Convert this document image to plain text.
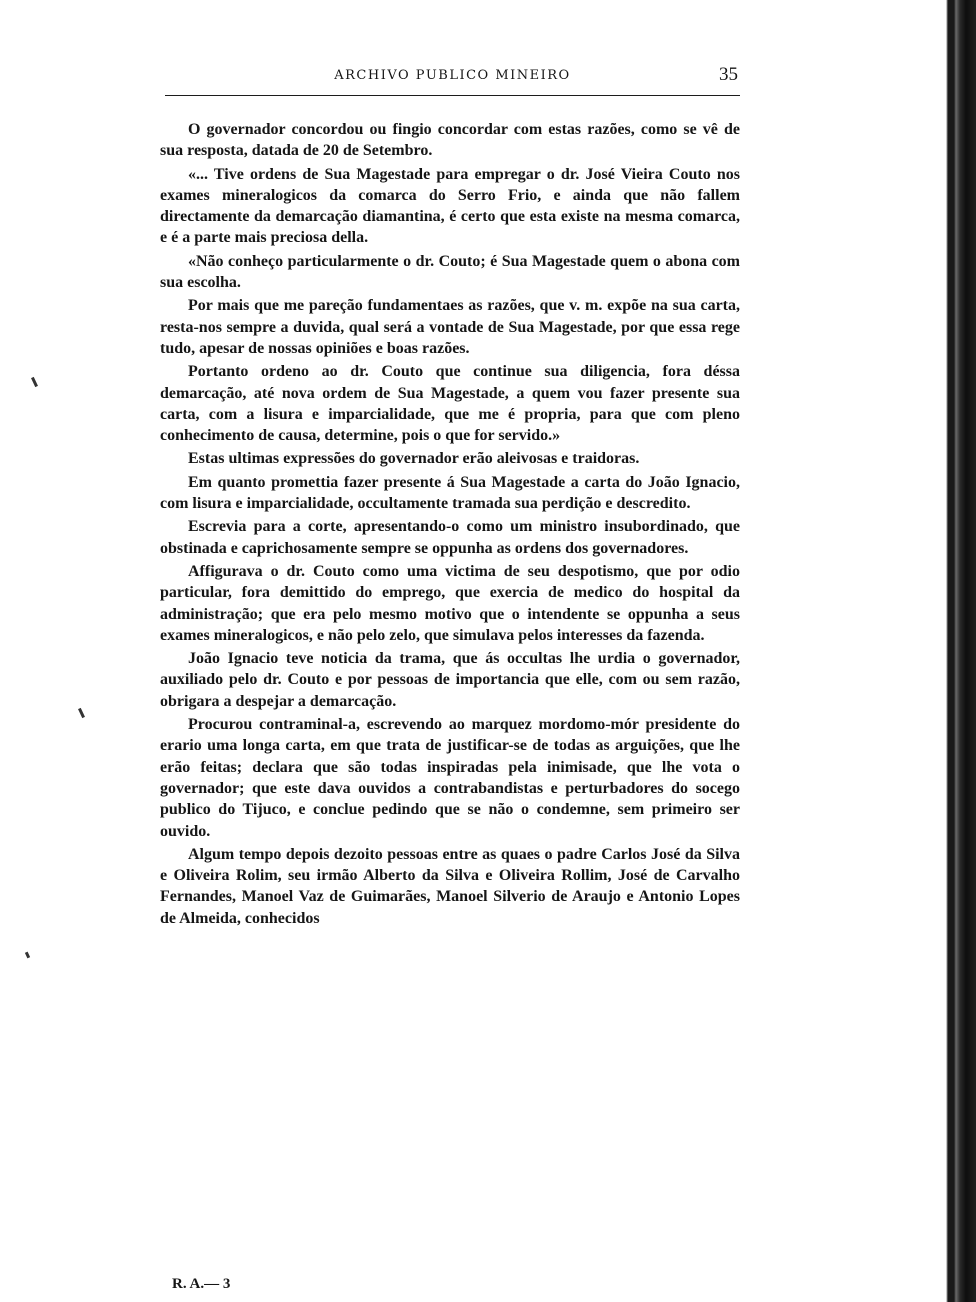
ARCHIVO PUBLICO MINEIRO	35

O governador concordou ou fingio concordar com estas razões, como se vê de sua resposta, datada de 20 de Setembro.

«... Tive ordens de Sua Magestade para empregar o dr. José Vieira Couto nos exames mineralogicos da comarca do Serro Frio, e ainda que não fallem directamente da demarcação diamantina, é certo que esta existe na mesma comarca, e é a parte mais preciosa della.

«Não conheço particularmente o dr. Couto; é Sua Magestade quem o abona com sua escolha.

Por mais que me pareção fundamentaes as razões, que v. m. expõe na sua carta, resta-nos sempre a duvida, qual será a vontade de Sua Magestade, por que essa rege tudo, apesar de nossas opiniões e boas razões.

Portanto ordeno ao dr. Couto que continue sua diligencia, fora déssa demarcação, até nova ordem de Sua Magestade, a quem vou fazer presente sua carta, com a lisura e imparcialidade, que me é propria, para que com pleno conhecimento de causa, determine, pois o que for servido.»

Estas ultimas expressões do governador erão aleivosas e traidoras.

Em quanto promettia fazer presente á Sua Magestade a carta do João Ignacio, com lisura e imparcialidade, occultamente tramada sua perdição e descredito.

Escrevia para a corte, apresentando-o como um ministro insubordinado, que obstinada e caprichosamente sempre se oppunha as ordens dos governadores.

Affigurava o dr. Couto como uma victima de seu despotismo, que por odio particular, fora demittido do emprego, que exercia de medico do hospital da administração; que era pelo mesmo motivo que o intendente se oppunha a seus exames mineralogicos, e não pelo zelo, que simulava pelos interesses da fazenda.

João Ignacio teve noticia da trama, que ás occultas lhe urdia o governador, auxiliado pelo dr. Couto e por pessoas de importancia que elle, com ou sem razão, obrigara a despejar a demarcação.

Procurou contraminal-a, escrevendo ao marquez mordomo-mór presidente do erario uma longa carta, em que trata de justificar-se de todas as arguições, que lhe erão feitas; declara que são todas inspiradas pela inimisade, que lhe vota o governador; que este dava ouvidos a contrabandistas e perturbadores do socego publico do Tijuco, e conclue pedindo que se não o condemne, sem primeiro ser ouvido.

Algum tempo depois dezoito pessoas entre as quaes o padre Carlos José da Silva e Oliveira Rolim, seu irmão Alberto da Silva e Oliveira Rollim, José de Carvalho Fernandes, Manoel Vaz de Guimarães, Manoel Silverio de Araujo e Antonio Lopes de Almeida, conhecidos

R. A.— 3
